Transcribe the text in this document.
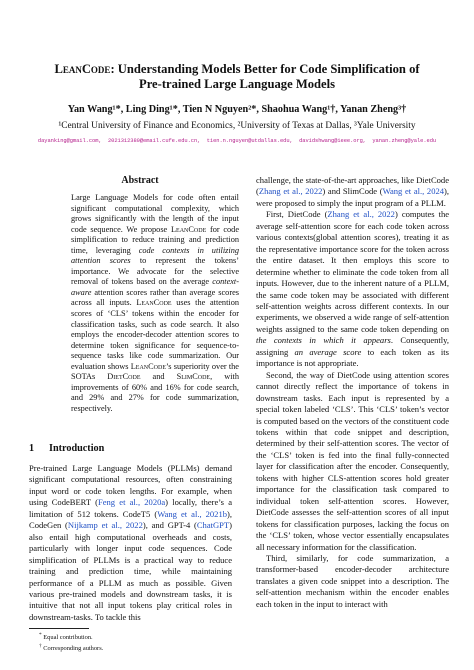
LeanCode: Understanding Models Better for Code Simplification of
Pre-trained Large Language Models
Yan Wang¹*, Ling Ding¹*, Tien N Nguyen²*, Shaohua Wang¹†, Yanan Zheng³†
¹Central University of Finance and Economics, ²University of Texas at Dallas, ³Yale University
dayanking@gmail.com, 2021312380@email.cufe.edu.cn, tien.n.nguyen@utdallas.edu, davidshwang@ieee.org, yanan.zheng@yale.edu
Abstract
Large Language Models for code often entail significant computational complexity, which grows significantly with the length of the input code sequence. We propose LeanCode for code simplification to reduce training and prediction time, leveraging code contexts in utilizing attention scores to represent the tokens’ importance. We advocate for the selective removal of tokens based on the average context-aware attention scores rather than average scores across all inputs. LeanCode uses the attention scores of ‘CLS’ tokens within the encoder for classification tasks, such as code search. It also employs the encoder-decoder attention scores to determine token significance for sequence-to-sequence tasks like code summarization. Our evaluation shows LeanCode’s superiority over the SOTAs DietCode and SlimCode, with improvements of 60% and 16% for code search, and 29% and 27% for code summarization, respectively.
1 Introduction
Pre-trained Large Language Models (PLLMs) demand significant computational resources, often constraining input word or code token lengths. For example, when using CodeBERT (Feng et al., 2020a) locally, there’s a limitation of 512 tokens. CodeT5 (Wang et al., 2021b), CodeGen (Nijkamp et al., 2022), and GPT-4 (ChatGPT) also entail high computational overheads and costs, particularly with longer input code sequences. Code simplification of PLLMs is a practical way to reduce training and prediction time, while maintaining performance of a PLLM as much as possible. Given various pre-trained models and downstream tasks, it is intuitive that not all input tokens play critical roles in downstream-tasks. To tackle this
challenge, the state-of-the-art approaches, like DietCode (Zhang et al., 2022) and SlimCode (Wang et al., 2024), were proposed to simply the input program of a PLLM.
First, DietCode (Zhang et al., 2022) computes the average self-attention score for each code token across various contexts(global attention scores), treating it as the representative importance score for the token across the entire dataset. It then employs this score to determine whether to eliminate the code token from all inputs. However, due to the inherent nature of a PLLM, the same code token may be associated with different self-attention weights across different contexts. In our experiments, we observed a wide range of self-attention weights assigned to the same code token depending on the contexts in which it appears. Consequently, assigning an average score to each token as its importance is not appropriate.
Second, the way of DietCode using attention scores cannot directly reflect the importance of tokens in downstream tasks. Each input is represented by a special token labeled ‘CLS’. This ‘CLS’ token’s vector is computed based on the vectors of the constituent code tokens within that code snippet and description, determined by their self-attention scores. The vector of the ‘CLS’ token is fed into the final fully-connected layer for classification after the encoder. Consequently, tokens with higher CLS-attention scores hold greater importance for the classification task compared to individual token self-attention scores. However, DietCode assesses the self-attention scores of all input tokens for classification purposes, lacking the focus on the ‘CLS’ token, whose vector essentially encapsulates all necessary information for the classification.
Third, similarly, for code summarization, a transformer-based encoder-decoder architecture translates a given code snippet into a description. The self-attention mechanism within the encoder enables each token in the input to interact with
* Equal contribution.
† Corresponding authors.
